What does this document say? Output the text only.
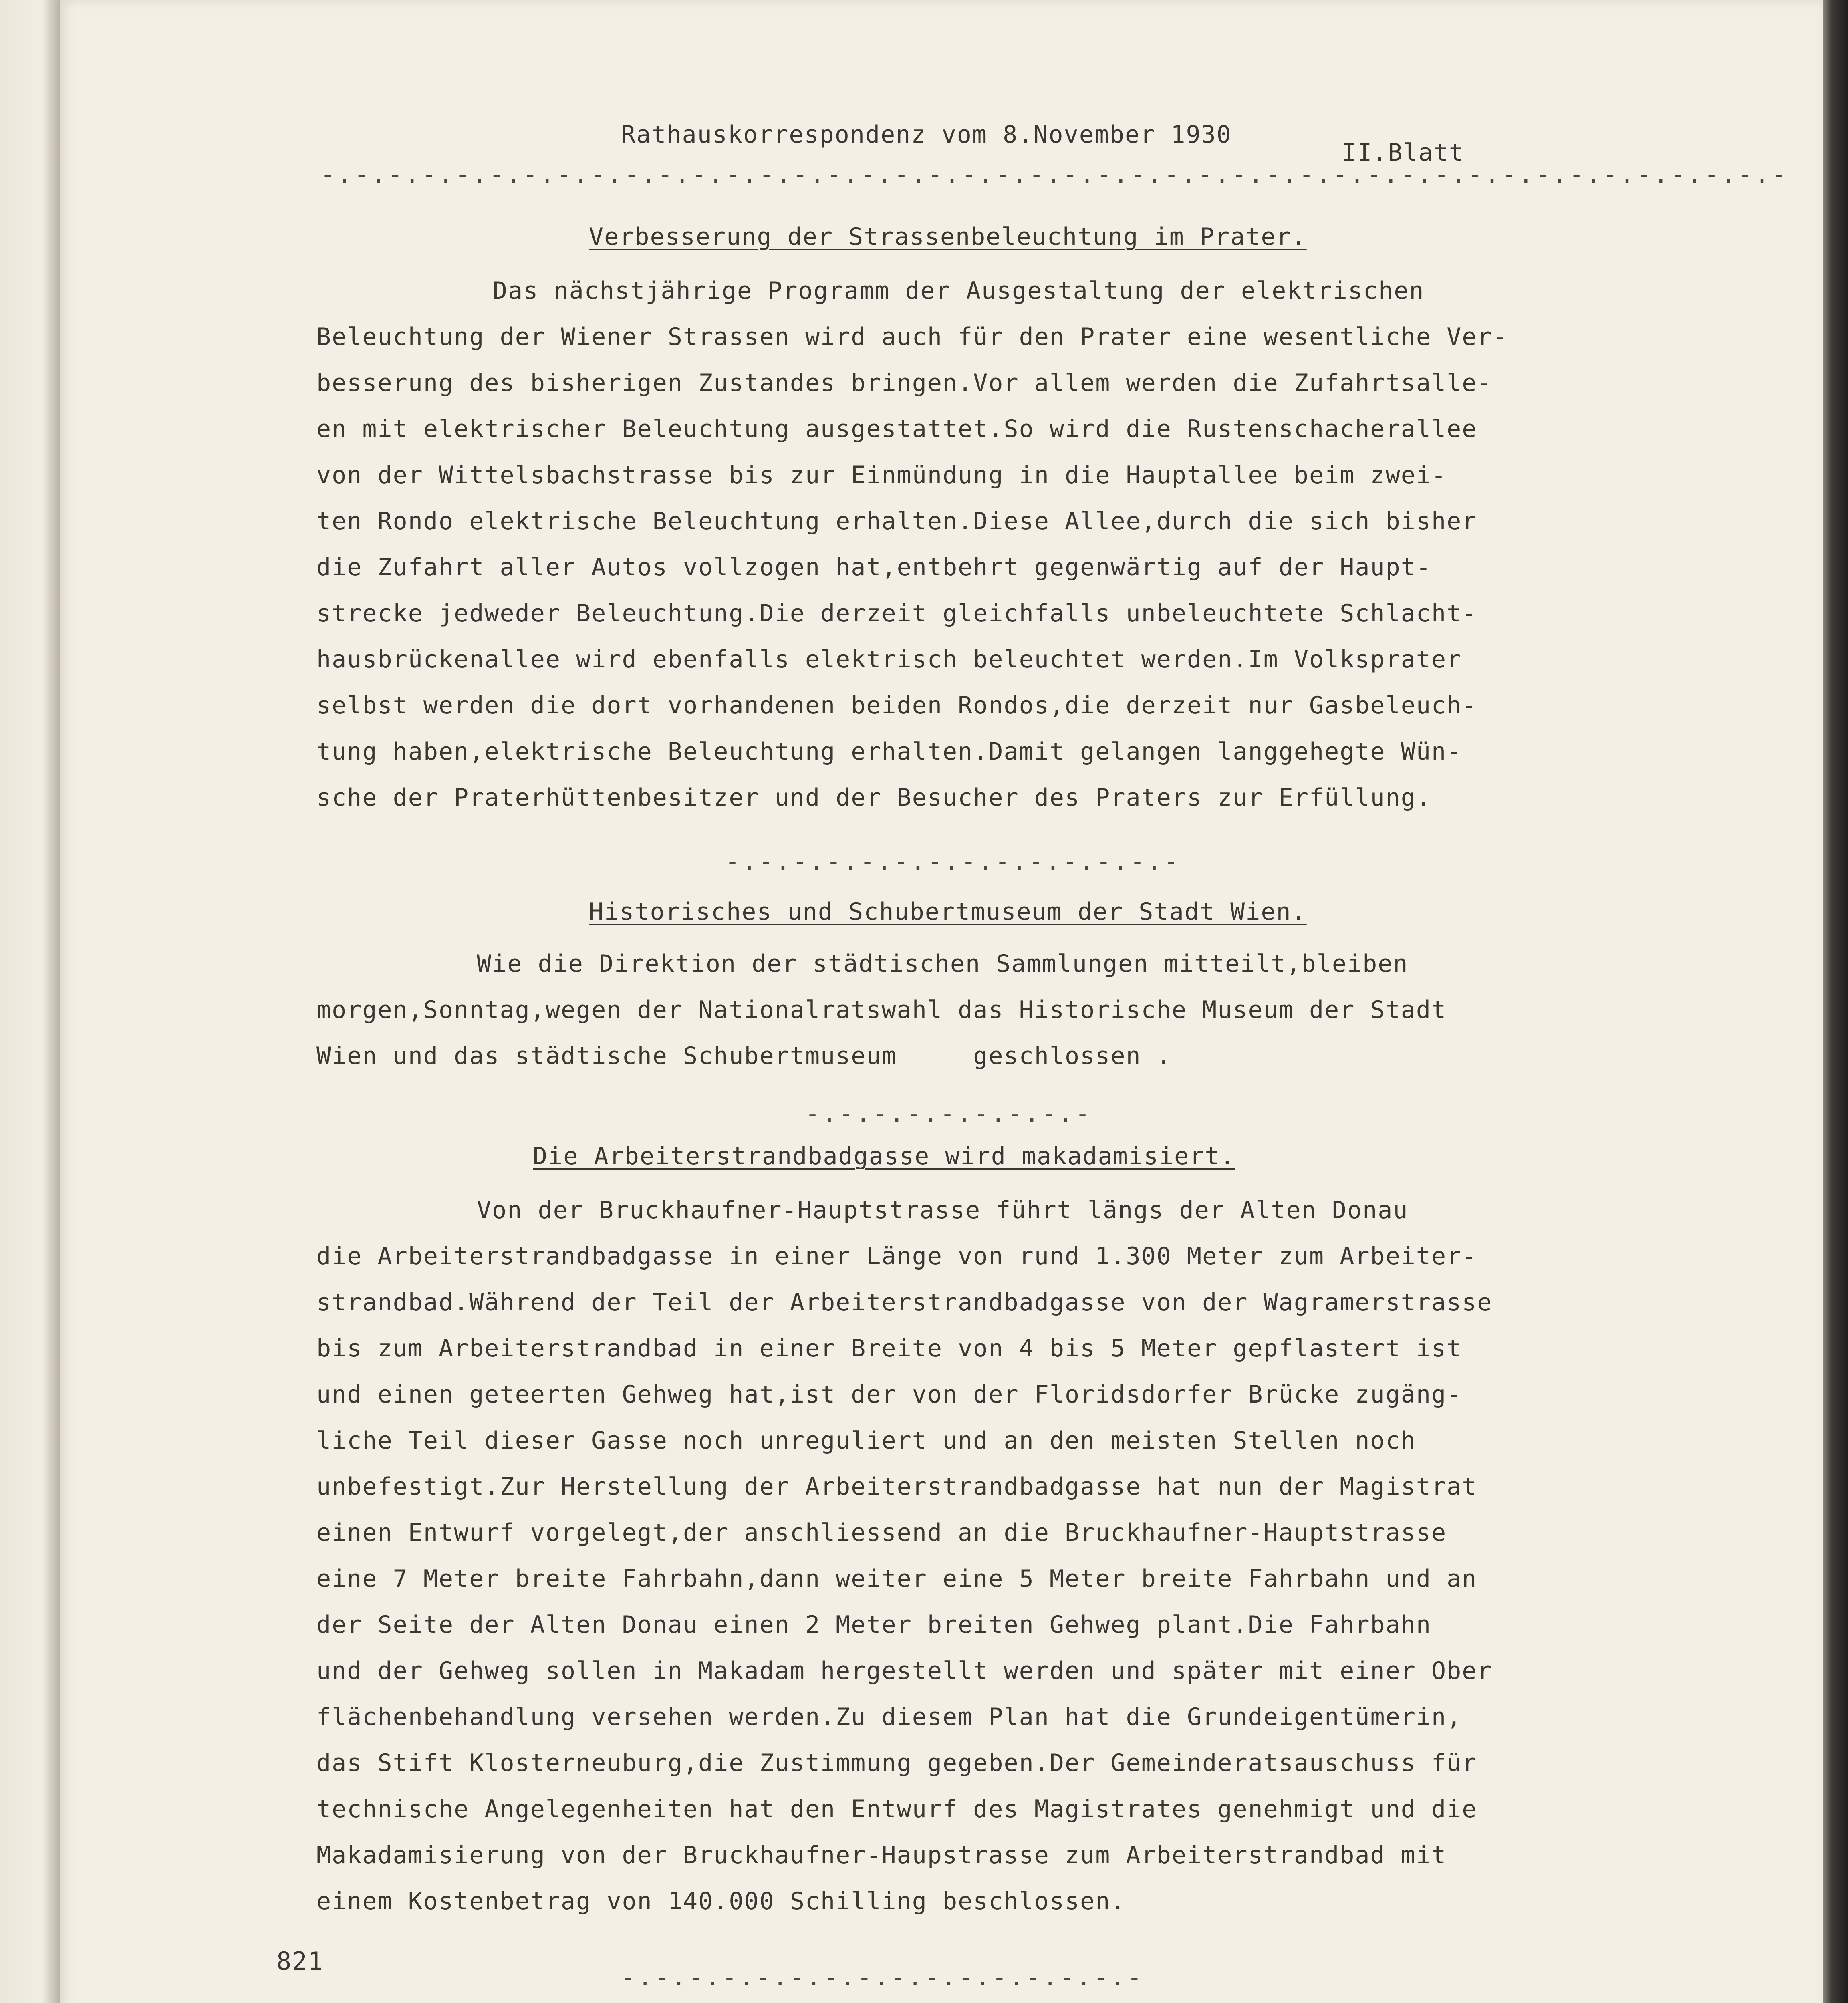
Rathauskorrespondenz vom 8.November 1930

II.Blatt

-.-.-.-.-.-.-.-.-.-.-.-.-.-.-.-.-.-.-.-.-.-.-.-.-.-.-.-.-.-.-.-.-.-.-.-.-.-.-.-.-.-.-.-

Verbesserung der Strassenbeleuchtung im Prater.

Das nächstjährige Programm der Ausgestaltung der elektrischen

Beleuchtung der Wiener Strassen wird auch für den Prater eine wesentliche Ver-

besserung des bisherigen Zustandes bringen.Vor allem werden die Zufahrtsalle-

en mit elektrischer Beleuchtung ausgestattet.So wird die Rustenschacherallee

von der Wittelsbachstrasse bis zur Einmündung in die Hauptallee beim zwei-

ten Rondo elektrische Beleuchtung erhalten.Diese Allee,durch die sich bisher

die Zufahrt aller Autos vollzogen hat,entbehrt gegenwärtig auf der Haupt-

strecke jedweder Beleuchtung.Die derzeit gleichfalls unbeleuchtete Schlacht-

hausbrückenallee wird ebenfalls elektrisch beleuchtet werden.Im Volksprater

selbst werden die dort vorhandenen beiden Rondos,die derzeit nur Gasbeleuch-

tung haben,elektrische Beleuchtung erhalten.Damit gelangen langgehegte Wün-

sche der Praterhüttenbesitzer und der Besucher des Praters zur Erfüllung.

-.-.-.-.-.-.-.-.-.-.-.-.-.-

Historisches und Schubertmuseum der Stadt Wien.

Wie die Direktion der städtischen Sammlungen mitteilt,bleiben

morgen,Sonntag,wegen der Nationalratswahl das Historische Museum der Stadt

Wien und das städtische Schubertmuseum     geschlossen .

-.-.-.-.-.-.-.-.-

Die Arbeiterstrandbadgasse wird makadamisiert.

Von der Bruckhaufner-Hauptstrasse führt längs der Alten Donau

die Arbeiterstrandbadgasse in einer Länge von rund 1.300 Meter zum Arbeiter-

strandbad.Während der Teil der Arbeiterstrandbadgasse von der Wagramerstrasse

bis zum Arbeiterstrandbad in einer Breite von 4 bis 5 Meter gepflastert ist

und einen geteerten Gehweg hat,ist der von der Floridsdorfer Brücke zugäng-

liche Teil dieser Gasse noch unreguliert und an den meisten Stellen noch

unbefestigt.Zur Herstellung der Arbeiterstrandbadgasse hat nun der Magistrat

einen Entwurf vorgelegt,der anschliessend an die Bruckhaufner-Hauptstrasse

eine 7 Meter breite Fahrbahn,dann weiter eine 5 Meter breite Fahrbahn und an

der Seite der Alten Donau einen 2 Meter breiten Gehweg plant.Die Fahrbahn

und der Gehweg sollen in Makadam hergestellt werden und später mit einer Ober

flächenbehandlung versehen werden.Zu diesem Plan hat die Grundeigentümerin,

das Stift Klosterneuburg,die Zustimmung gegeben.Der Gemeinderatsauschuss für

technische Angelegenheiten hat den Entwurf des Magistrates genehmigt und die

Makadamisierung von der Bruckhaufner-Haupstrasse zum Arbeiterstrandbad mit

einem Kostenbetrag von 140.000 Schilling beschlossen.

821

-.-.-.-.-.-.-.-.-.-.-.-.-.-.-.-
